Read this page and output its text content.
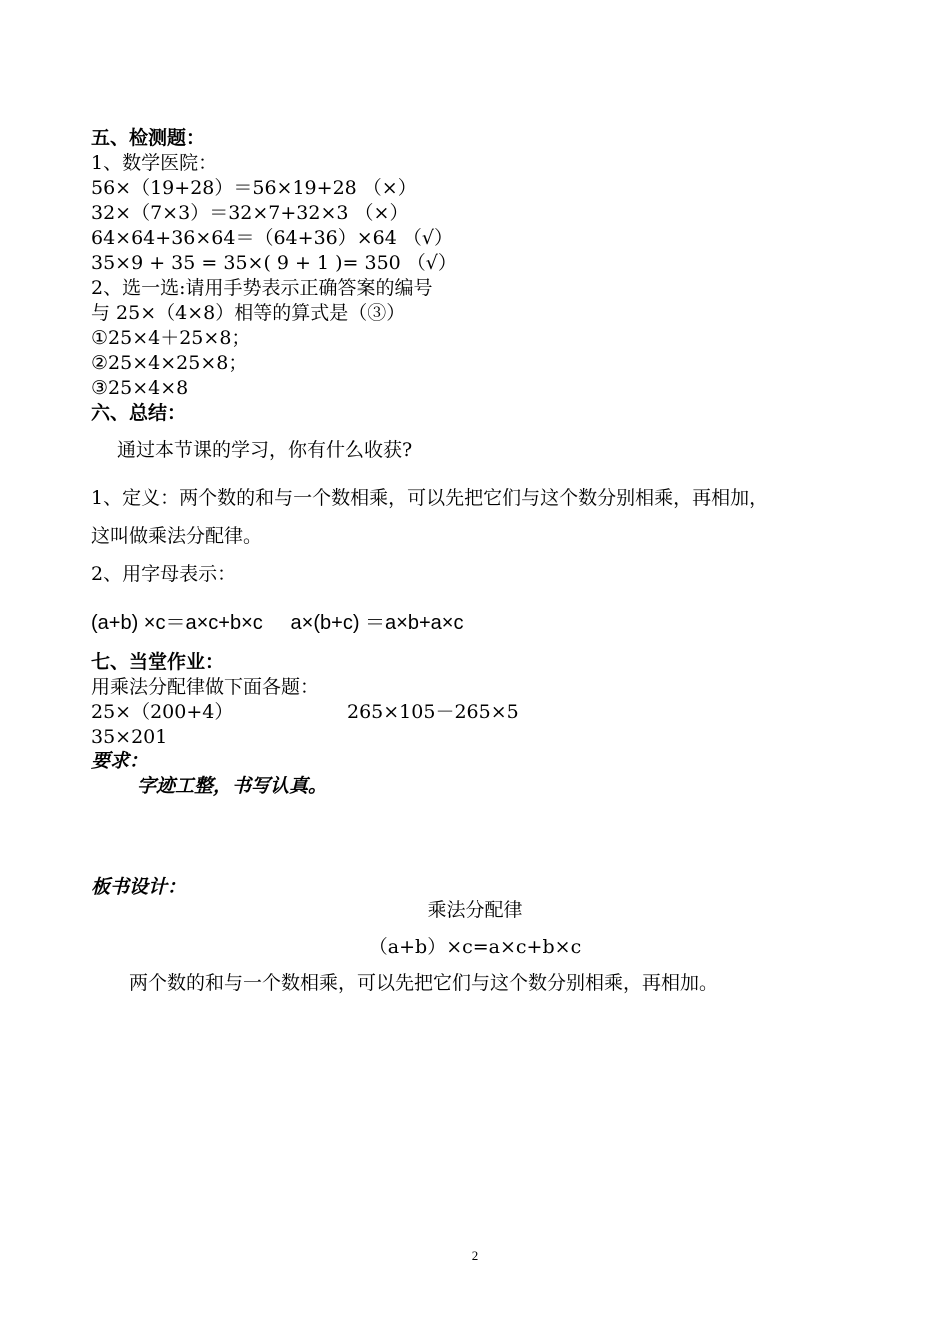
五、检测题：
1、数学医院：
56×（19+28）＝56×19+28 （×）
32×（7×3）＝32×7+32×3 （×）
64×64+36×64＝（64+36）×64 （√）
35×9 + 35 = 35×( 9 + 1 )= 350 （√）
2、选一选:请用手势表示正确答案的编号
与 25×（4×8）相等的算式是（③）
①25×4＋25×8；
②25×4×25×8；
③25×4×8
六、总结：
通过本节课的学习，你有什么收获?
1、定义：两个数的和与一个数相乘，可以先把它们与这个数分别相乘，再相加，
这叫做乘法分配律。
2、用字母表示：
(a+b) ×c＝a×c+b×c     a×(b+c) ＝a×b+a×c
七、当堂作业：
用乘法分配律做下面各题：
25×（200+4）	265×105－265×5
35×201
要求：
字迹工整，书写认真。
板书设计：
乘法分配律
（a+b）×c=a×c+b×c
两个数的和与一个数相乘，可以先把它们与这个数分别相乘，再相加。
2
